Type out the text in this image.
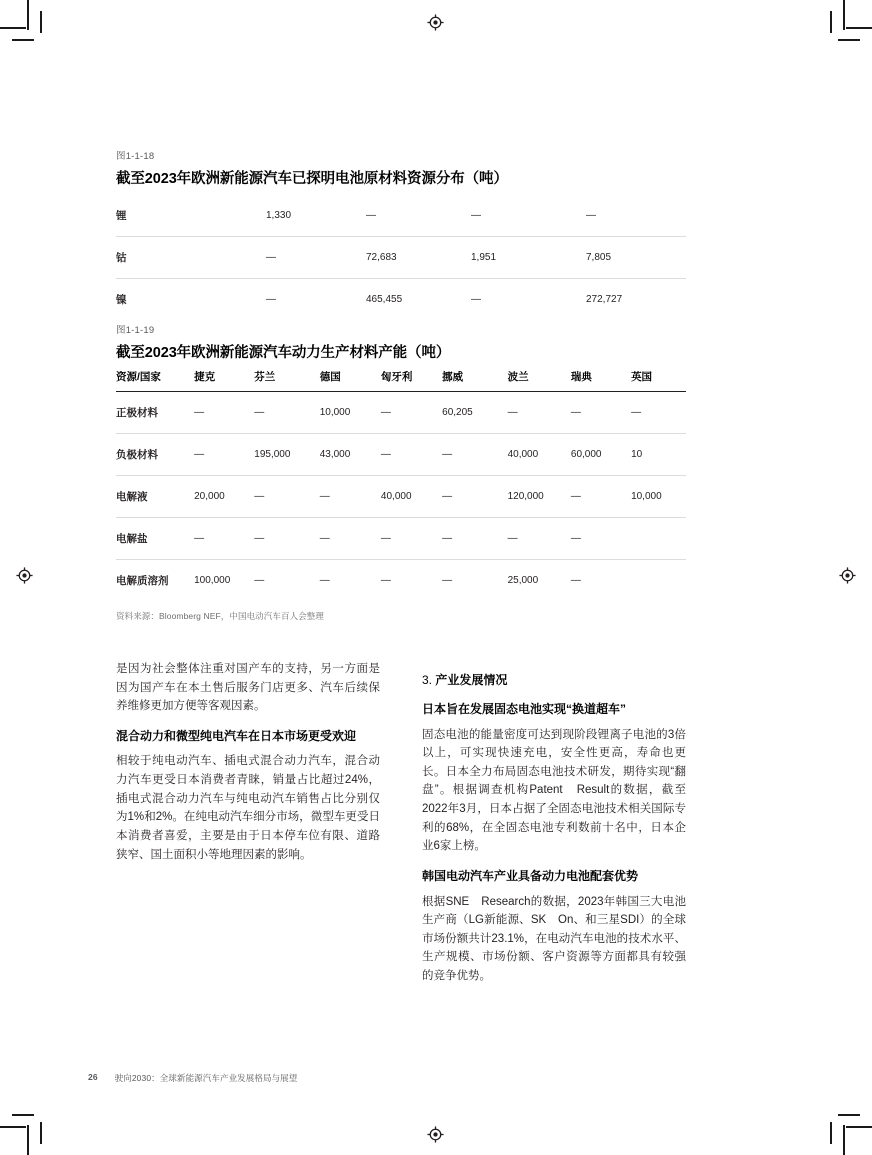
图1-1-18
截至2023年欧洲新能源汽车已探明电池原材料资源分布（吨）
锂	1,330	—	—	—
钴	—	72,683	1,951	7,805
镍	—	465,455	—	272,727
图1-1-19
截至2023年欧洲新能源汽车动力生产材料产能（吨）
资源/国家	捷克	芬兰	德国	匈牙利	挪威	波兰	瑞典	英国
正极材料	—	—	10,000	—	60,205	—	—	—
负极材料	—	195,000	43,000	—	—	40,000	60,000	10
电解液	20,000	—	—	40,000	—	120,000	—	10,000
电解盐	—	—	—	—	—	—	—	
电解质溶剂	100,000	—	—	—	—	25,000	—	
资料来源：Bloomberg NEF，中国电动汽车百人会整理

是因为社会整体注重对国产车的支持，另一方面是因为国产车在本土售后服务门店更多、汽车后续保养维修更加方便等客观因素。

混合动力和微型纯电汽车在日本市场更受欢迎

相较于纯电动汽车、插电式混合动力汽车，混合动力汽车更受日本消费者青睐，销量占比超过24%，插电式混合动力汽车与纯电动汽车销售占比分别仅为1%和2%。在纯电动汽车细分市场，微型车更受日本消费者喜爱，主要是由于日本停车位有限、道路狭窄、国土面积小等地理因素的影响。

3. 产业发展情况
日本旨在发展固态电池实现“换道超车”

固态电池的能量密度可达到现阶段锂离子电池的3倍以上，可实现快速充电，安全性更高，寿命也更长。日本全力布局固态电池技术研发，期待实现“翻盘”。根据调查机构Patent　Result的数据，截至2022年3月，日本占据了全固态电池技术相关国际专利的68%，在全固态电池专利数前十名中，日本企业6家上榜。

韩国电动汽车产业具备动力电池配套优势

根据SNE　Research的数据，2023年韩国三大电池生产商（LG新能源、SK　On、和三星SDI）的全球市场份额共计23.1%，在电动汽车电池的技术水平、生产规模、市场份额、客户资源等方面都具有较强的竞争优势。

26 驶向2030：全球新能源汽车产业发展格局与展望
